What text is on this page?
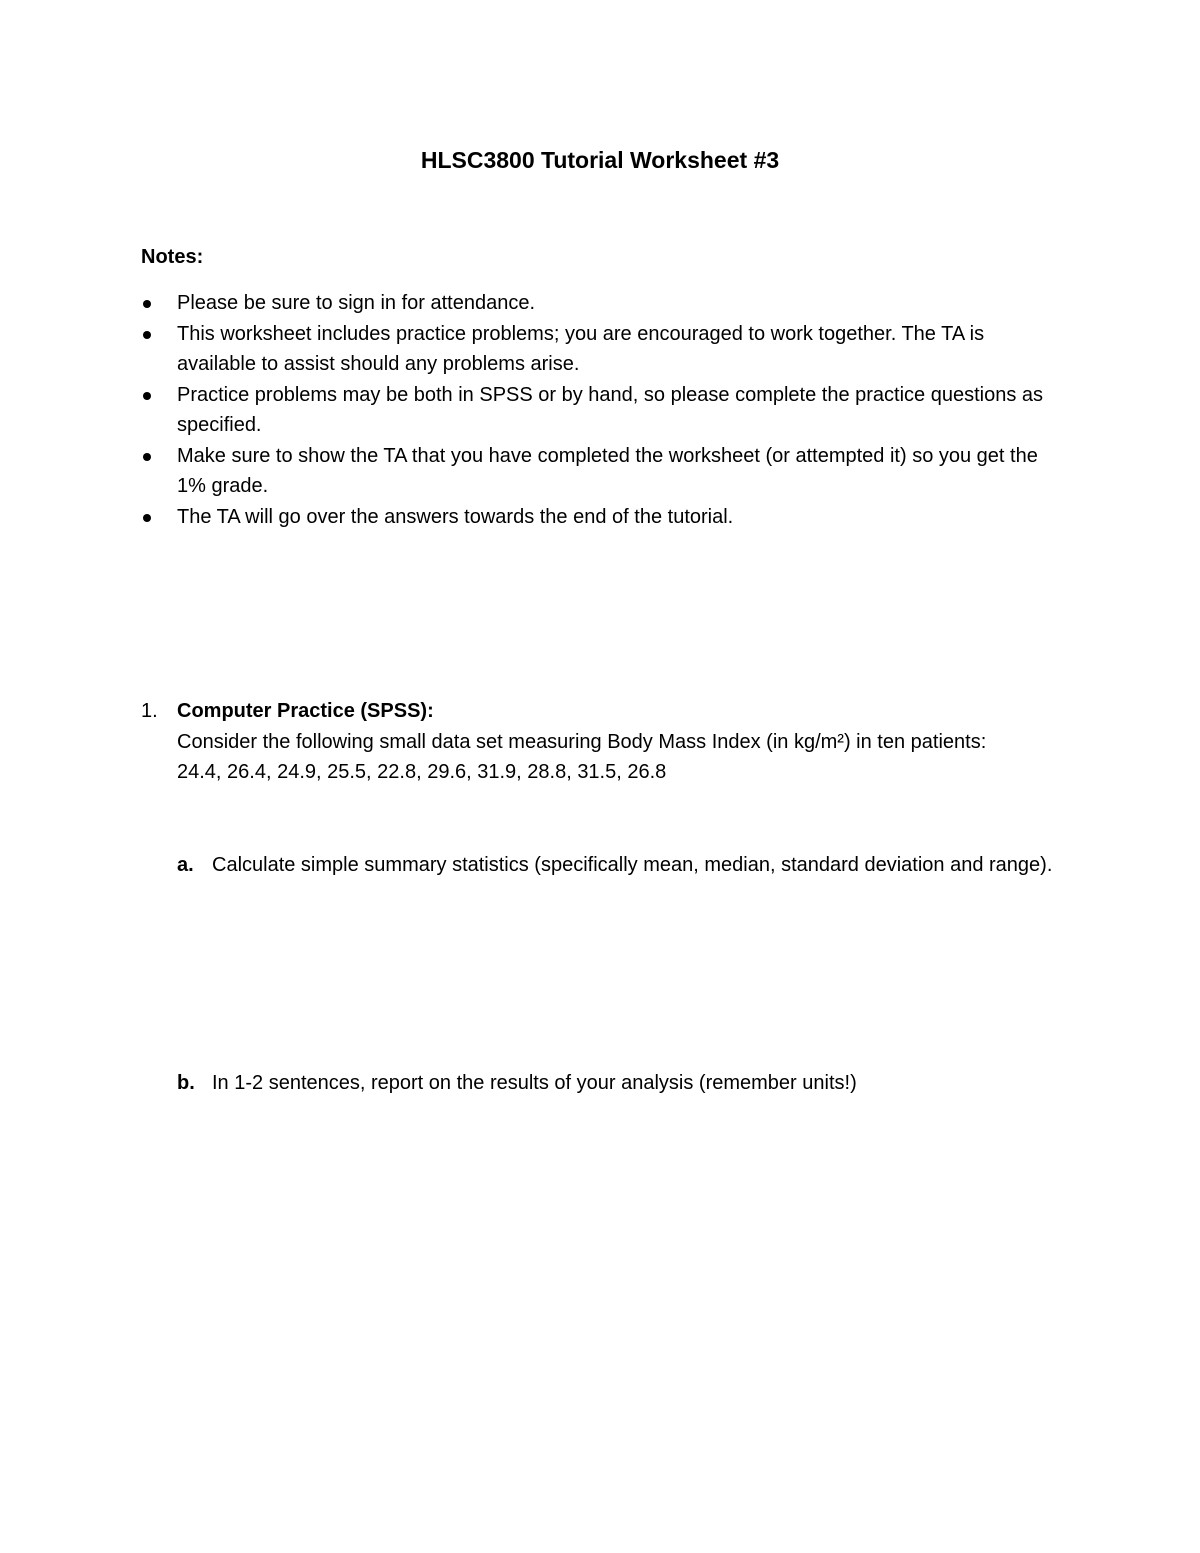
HLSC3800 Tutorial Worksheet #3
Notes:
Please be sure to sign in for attendance.
This worksheet includes practice problems; you are encouraged to work together. The TA is available to assist should any problems arise.
Practice problems may be both in SPSS or by hand, so please complete the practice questions as specified.
Make sure to show the TA that you have completed the worksheet (or attempted it) so you get the 1% grade.
The TA will go over the answers towards the end of the tutorial.
1. Computer Practice (SPSS):
Consider the following small data set measuring Body Mass Index (in kg/m²) in ten patients:
24.4, 26.4, 24.9, 25.5, 22.8, 29.6, 31.9, 28.8, 31.5, 26.8
a. Calculate simple summary statistics (specifically mean, median, standard deviation and range).
b. In 1-2 sentences, report on the results of your analysis (remember units!)
